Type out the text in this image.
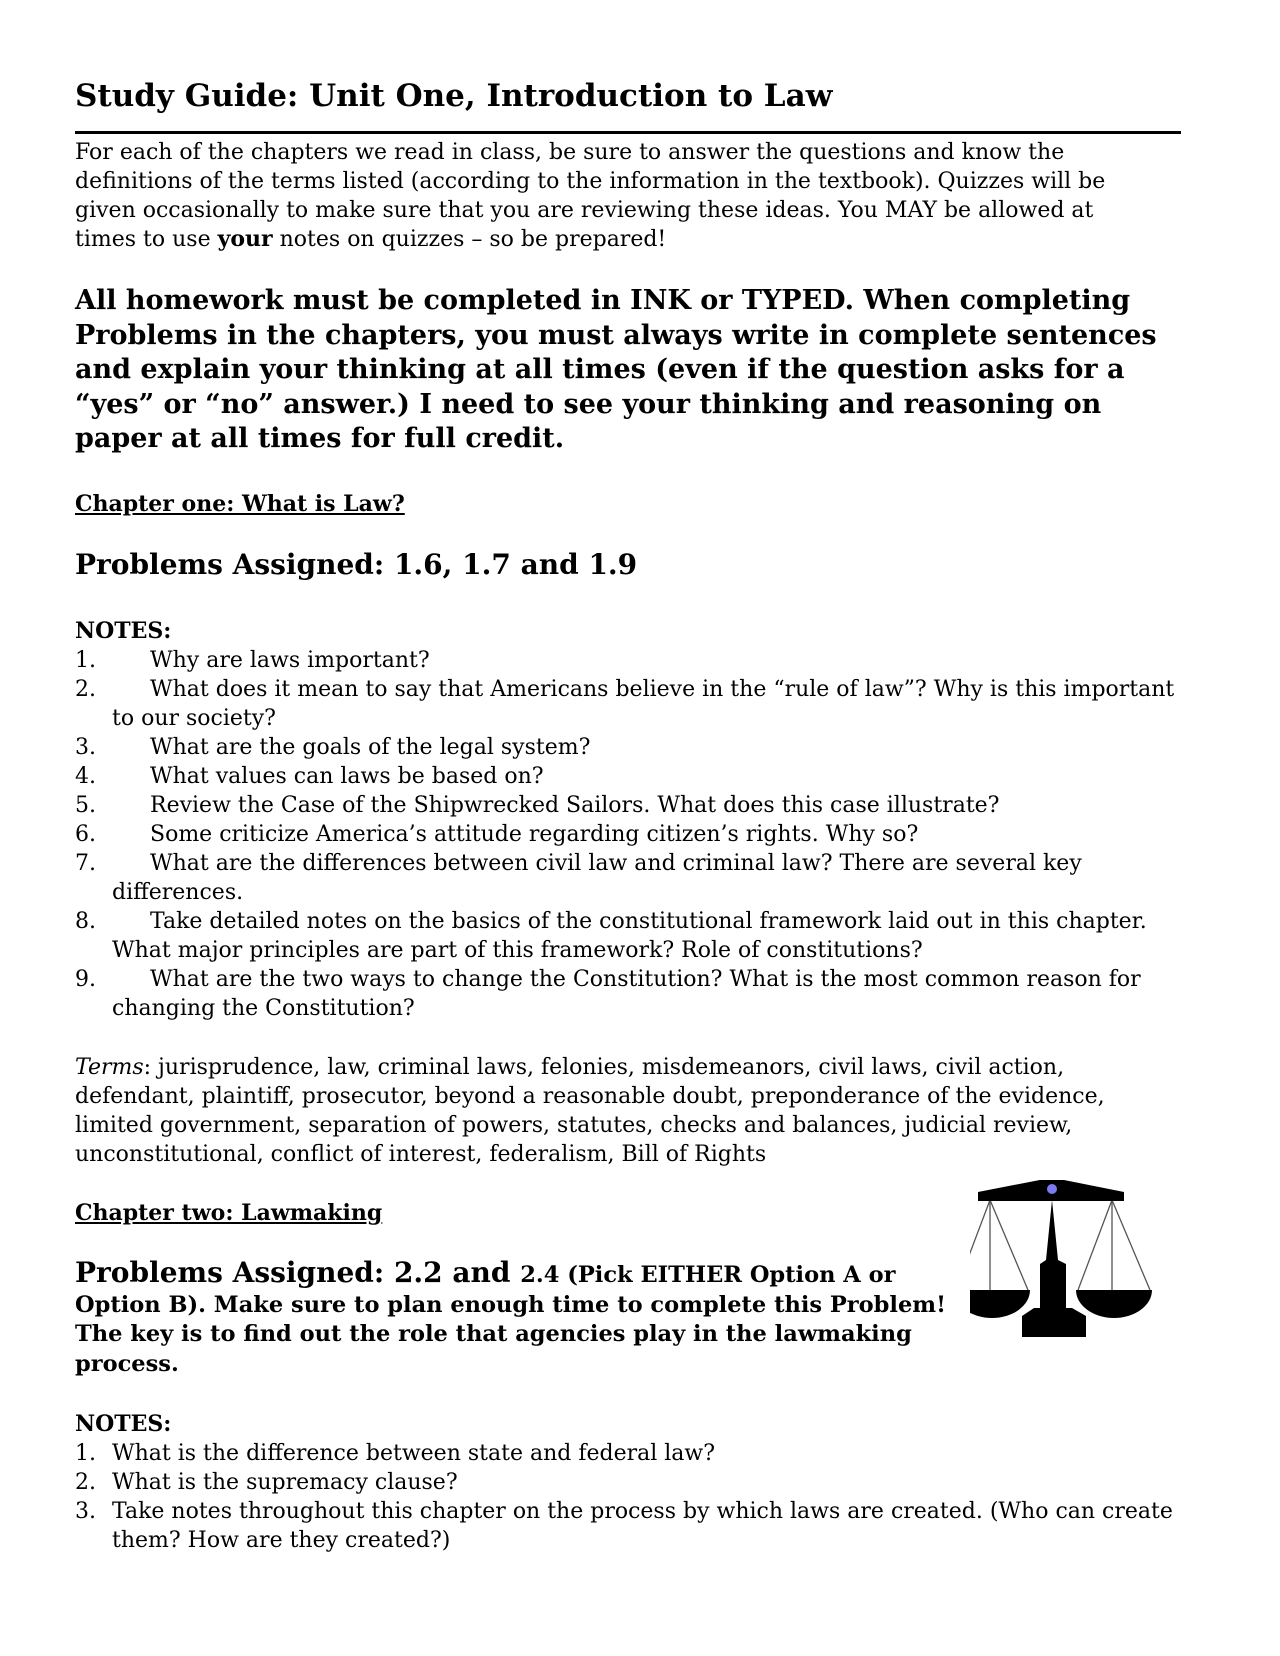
Study Guide: Unit One, Introduction to Law

For each of the chapters we read in class, be sure to answer the questions and know the definitions of the terms listed (according to the information in the textbook). Quizzes will be given occasionally to make sure that you are reviewing these ideas. You MAY be allowed at times to use your notes on quizzes – so be prepared!

All homework must be completed in INK or TYPED. When completing Problems in the chapters, you must always write in complete sentences and explain your thinking at all times (even if the question asks for a “yes” or “no” answer.) I need to see your thinking and reasoning on paper at all times for full credit.

Chapter one: What is Law?
Problems Assigned: 1.6, 1.7 and 1.9
NOTES:
1. Why are laws important?
2. What does it mean to say that Americans believe in the “rule of law”? Why is this important to our society?
3. What are the goals of the legal system?
4. What values can laws be based on?
5. Review the Case of the Shipwrecked Sailors. What does this case illustrate?
6. Some criticize America’s attitude regarding citizen’s rights. Why so?
7. What are the differences between civil law and criminal law? There are several key differences.
8. Take detailed notes on the basics of the constitutional framework laid out in this chapter. What major principles are part of this framework? Role of constitutions?
9. What are the two ways to change the Constitution? What is the most common reason for changing the Constitution?

Terms: jurisprudence, law, criminal laws, felonies, misdemeanors, civil laws, civil action, defendant, plaintiff, prosecutor, beyond a reasonable doubt, preponderance of the evidence, limited government, separation of powers, statutes, checks and balances, judicial review, unconstitutional, conflict of interest, federalism, Bill of Rights

Chapter two: Lawmaking

Problems Assigned: 2.2 and 2.4 (Pick EITHER Option A or Option B). Make sure to plan enough time to complete this Problem! The key is to find out the role that agencies play in the lawmaking process.

NOTES:
1. What is the difference between state and federal law?
2. What is the supremacy clause?
3. Take notes throughout this chapter on the process by which laws are created. (Who can create them? How are they created?)
